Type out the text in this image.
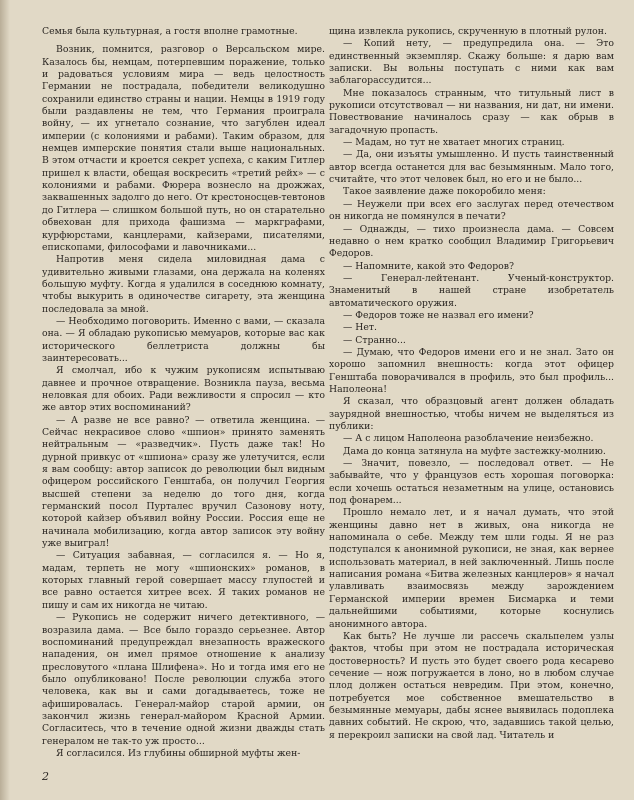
Семья была культурная, а гостя вполне грамотные.

Возник, помнится, разговор о Версальском мире. Казалось бы, немцам, потерпевшим поражение, только и радоваться условиям мира — ведь целостность Германии не пострадала, победители великодушно сохранили единство страны и нации. Немцы в 1919 году были раздавлены не тем, что Германия проиграла войну, — их угнетало сознание, что загублен идеал империи (с колониями и рабами). Таким образом, для немцев имперские понятия стали выше национальных. В этом отчасти и кроется секрет успеха, с каким Гитлер пришел к власти, обещая воскресить «третий рейх» — с колониями и рабами. Фюрера вознесло на дрожжах, заквашенных задолго до него. От крестоносцев-тевтонов до Гитлера — слишком большой путь, но он старательно обвехован для прихода фашизма — маркграфами, курфюрстами, канцлерами, кайзерами, писателями, епископами, философами и лавочниками...

Напротив меня сидела миловидная дама с удивительно живыми глазами, она держала на коленях большую муфту. Когда я удалился в соседнюю комнату, чтобы выкурить в одиночестве сигарету, эта женщина последовала за мной.

— Необходимо поговорить. Именно с вами, — сказала она. — Я обладаю рукописью мемуаров, которые вас как исторического беллетриста должны бы заинтересовать...

Я смолчал, ибо к чужим рукописям испытываю давнее и прочное отвращение. Возникла пауза, весьма неловкая для обоих. Ради вежливости я спросил — кто же автор этих воспоминаний?

— А разве не все равно? — ответила женщина. — Сейчас некрасивое слово «шпион» принято заменять нейтральным — «разведчик». Пусть даже так! Но дурной привкус от «шпиона» сразу же улетучится, если я вам сообщу: автор записок до революции был видным офицером российского Генштаба, он получил Георгия высшей степени за неделю до того дня, когда германский посол Пурталес вручил Сазонову ноту, которой кайзер объявил войну России. Россия еще не начинала мобилизацию, когда автор записок эту войну уже выиграл!

— Ситуация забавная, — согласился я. — Но я, мадам, терпеть не могу «шпионских» романов, в которых главный герой совершает массу глупостей и все равно остается хитрее всех. Я таких романов не пишу и сам их никогда не читаю.

— Рукопись не содержит ничего детективного, — возразила дама. — Все было гораздо серьезнее. Автор воспоминаний предупреждал внезапность вражеского нападения, он имел прямое отношение к анализу пресловутого «плана Шлифена». Но и тогда имя его не было опубликовано! После революции служба этого человека, как вы и сами догадываетесь, тоже не афишировалась. Генерал-майор старой армии, он закончил жизнь генерал-майором Красной Армии. Согласитесь, что в течение одной жизни дважды стать генералом не так-то уж просто...

Я согласился. Из глубины обширной муфты жен-

щина извлекла рукопись, скрученную в плотный рулон.

— Копий нету, — предупредила она. — Это единственный экземпляр. Скажу больше: я дарю вам записки. Вы вольны поступать с ними как вам заблагорассудится...

Мне показалось странным, что титульный лист в рукописи отсутствовал — ни названия, ни дат, ни имени. Повествование начиналось сразу — как обрыв в загадочную пропасть.

— Мадам, но тут не хватает многих страниц.

— Да, они изъяты умышленно. И пусть таинственный автор всегда останется для вас безымянным. Мало того, считайте, что этот человек был, но его и не было...

Такое заявление даже покоробило меня:

— Неужели при всех его заслугах перед отечеством он никогда не помянулся в печати?

— Однажды, — тихо произнесла дама. — Совсем недавно о нем кратко сообщил Владимир Григорьевич Федоров.

— Напомните, какой это Федоров?

— Генерал-лейтенант. Ученый-конструктор. Знаменитый в нашей стране изобретатель автоматического оружия.

— Федоров тоже не назвал его имени?

— Нет.

— Странно...

— Думаю, что Федоров имени его и не знал. Зато он хорошо запомнил внешность: когда этот офицер Генштаба поворачивался в профиль, это был профиль... Наполеона!

Я сказал, что образцовый агент должен обладать заурядной внешностью, чтобы ничем не выделяться из публики:

— А с лицом Наполеона разоблачение неизбежно.

Дама до конца затянула на муфте застежку-молнию.

— Значит, повезло, — последовал ответ. — Не забывайте, что у французов есть хорошая поговорка: если хочешь остаться незаметным на улице, остановись под фонарем...

Прошло немало лет, и я начал думать, что этой женщины давно нет в живых, она никогда не напоминала о себе. Между тем шли годы. Я не раз подступался к анонимной рукописи, не зная, как вернее использовать материал, в ней заключенный. Лишь после написания романа «Битва железных канцлеров» я начал улавливать взаимосвязь между зарождением Германской империи времен Бисмарка и теми дальнейшими событиями, которые коснулись анонимного автора.

Как быть? Не лучше ли рассечь скальпелем узлы фактов, чтобы при этом не пострадала историческая достоверность? И пусть это будет своего рода кесарево сечение — нож погружается в лоно, но в любом случае плод должен остаться невредим. При этом, конечно, потребуется мое собственное вмешательство в безымянные мемуары, дабы яснее выявилась подоплека давних событий. Не скрою, что, задавшись такой целью, я перекроил записки на свой лад. Читатель и

2
